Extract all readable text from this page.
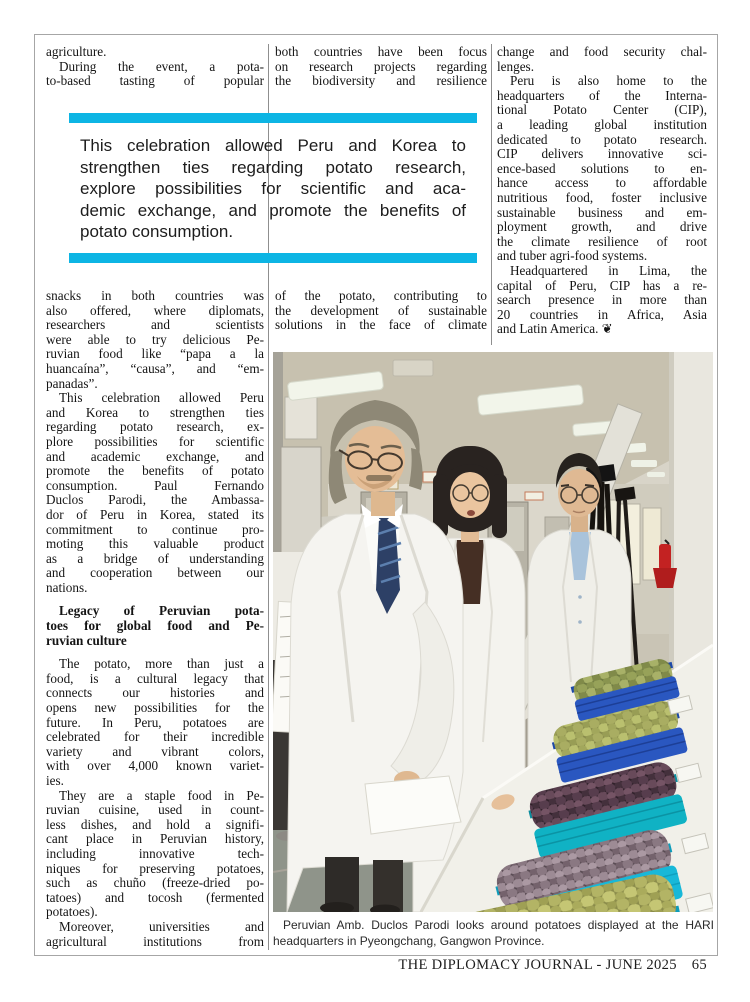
agriculture.
During the event, a pota-
to-based tasting of popular
both countries have been focus
on research projects regarding
the biodiversity and resilience
change and food security chal-
lenges.
Peru is also home to the
headquarters of the Interna-
tional Potato Center (CIP),
a leading global institution
dedicated to potato research.
CIP delivers innovative sci-
ence-based solutions to en-
hance access to affordable
nutritious food, foster inclusive
sustainable business and em-
ployment growth, and drive
the climate resilience of root
and tuber agri-food systems.
Headquartered in Lima, the
capital of Peru, CIP has a re-
search presence in more than
20 countries in Africa, Asia
and Latin America. ❦
This celebration allowed Peru and Korea to
strengthen ties regarding potato research,
explore possibilities for scientific and aca-
demic exchange, and promote the benefits of
potato consumption.
snacks in both countries was
also offered, where diplomats,
researchers and scientists
were able to try delicious Pe-
ruvian food like “papa a la
huancaína”, “causa”, and “em-
panadas”.
This celebration allowed Peru
and Korea to strengthen ties
regarding potato research, ex-
plore possibilities for scientific
and academic exchange, and
promote the benefits of potato
consumption. Paul Fernando
Duclos Parodi, the Ambassa-
dor of Peru in Korea, stated its
commitment to continue pro-
moting this valuable product
as a bridge of understanding
and cooperation between our
nations.
Legacy of Peruvian pota-
toes for global food and Pe-
ruvian culture
The potato, more than just a
food, is a cultural legacy that
connects our histories and
opens new possibilities for the
future. In Peru, potatoes are
celebrated for their incredible
variety and vibrant colors,
with over 4,000 known variet-
ies.
They are a staple food in Pe-
ruvian cuisine, used in count-
less dishes, and hold a signifi-
cant place in Peruvian history,
including innovative tech-
niques for preserving potatoes,
such as chuño (freeze-dried po-
tatoes) and tocosh (fermented
potatoes).
Moreover, universities and
agricultural institutions from
of the potato, contributing to
the development of sustainable
solutions in the face of climate
Peruvian Amb. Duclos Parodi looks around potatoes displayed at the HARI
headquarters in Pyeongchang, Gangwon Province.
THE DIPLOMACY JOURNAL - JUNE 2025 65
